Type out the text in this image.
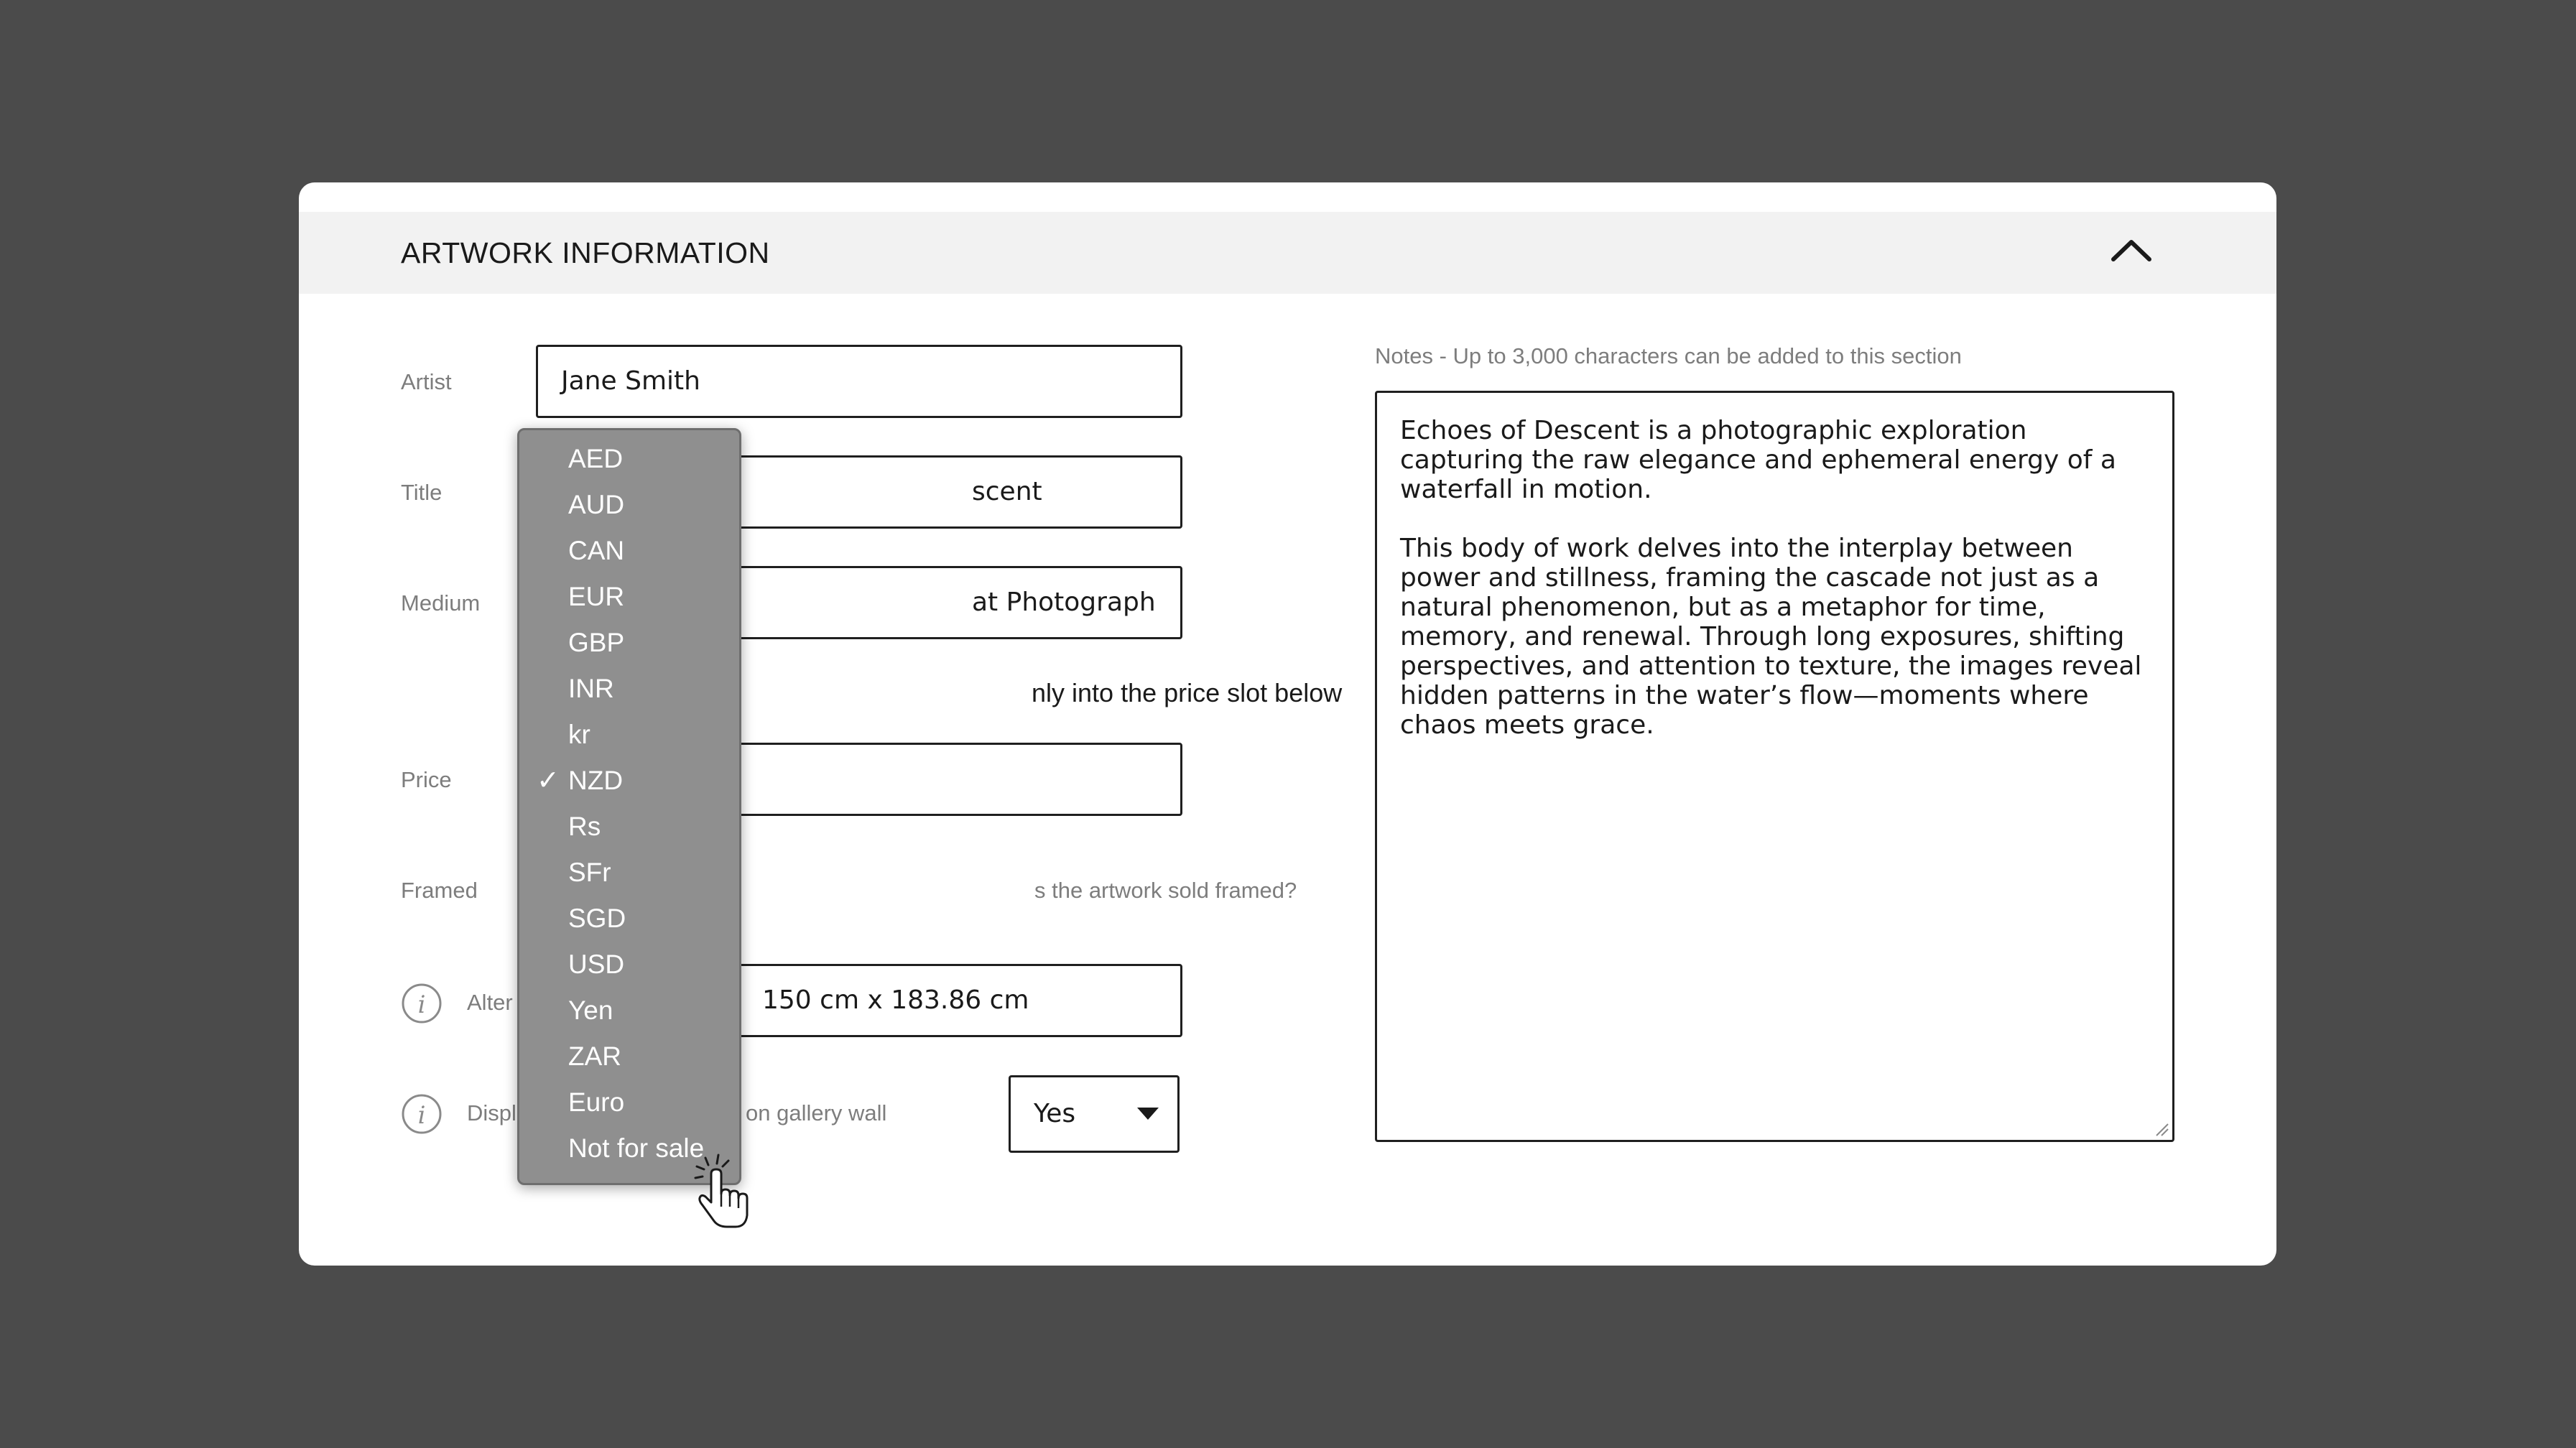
ARTWORK INFORMATION
Artist	Jane Smith
Title	scent
Medium	at Photograph
nly into the price slot below
Price
Framed	s the artwork sold framed?
i Alter	150 cm x 183.86 cm
i Displ	on gallery wall	Yes
Notes - Up to 3,000 characters can be added to this section

Echoes of Descent is a photographic exploration capturing the raw elegance and ephemeral energy of a waterfall in motion.

This body of work delves into the interplay between power and stillness, framing the cascade not just as a natural phenomenon, but as a metaphor for time, memory, and renewal. Through long exposures, shifting perspectives, and attention to texture, the images reveal hidden patterns in the water’s flow—moments where chaos meets grace.

AED
AUD
CAN
EUR
GBP
INR
kr
✓ NZD
Rs
SFr
SGD
USD
Yen
ZAR
Euro
Not for sale
